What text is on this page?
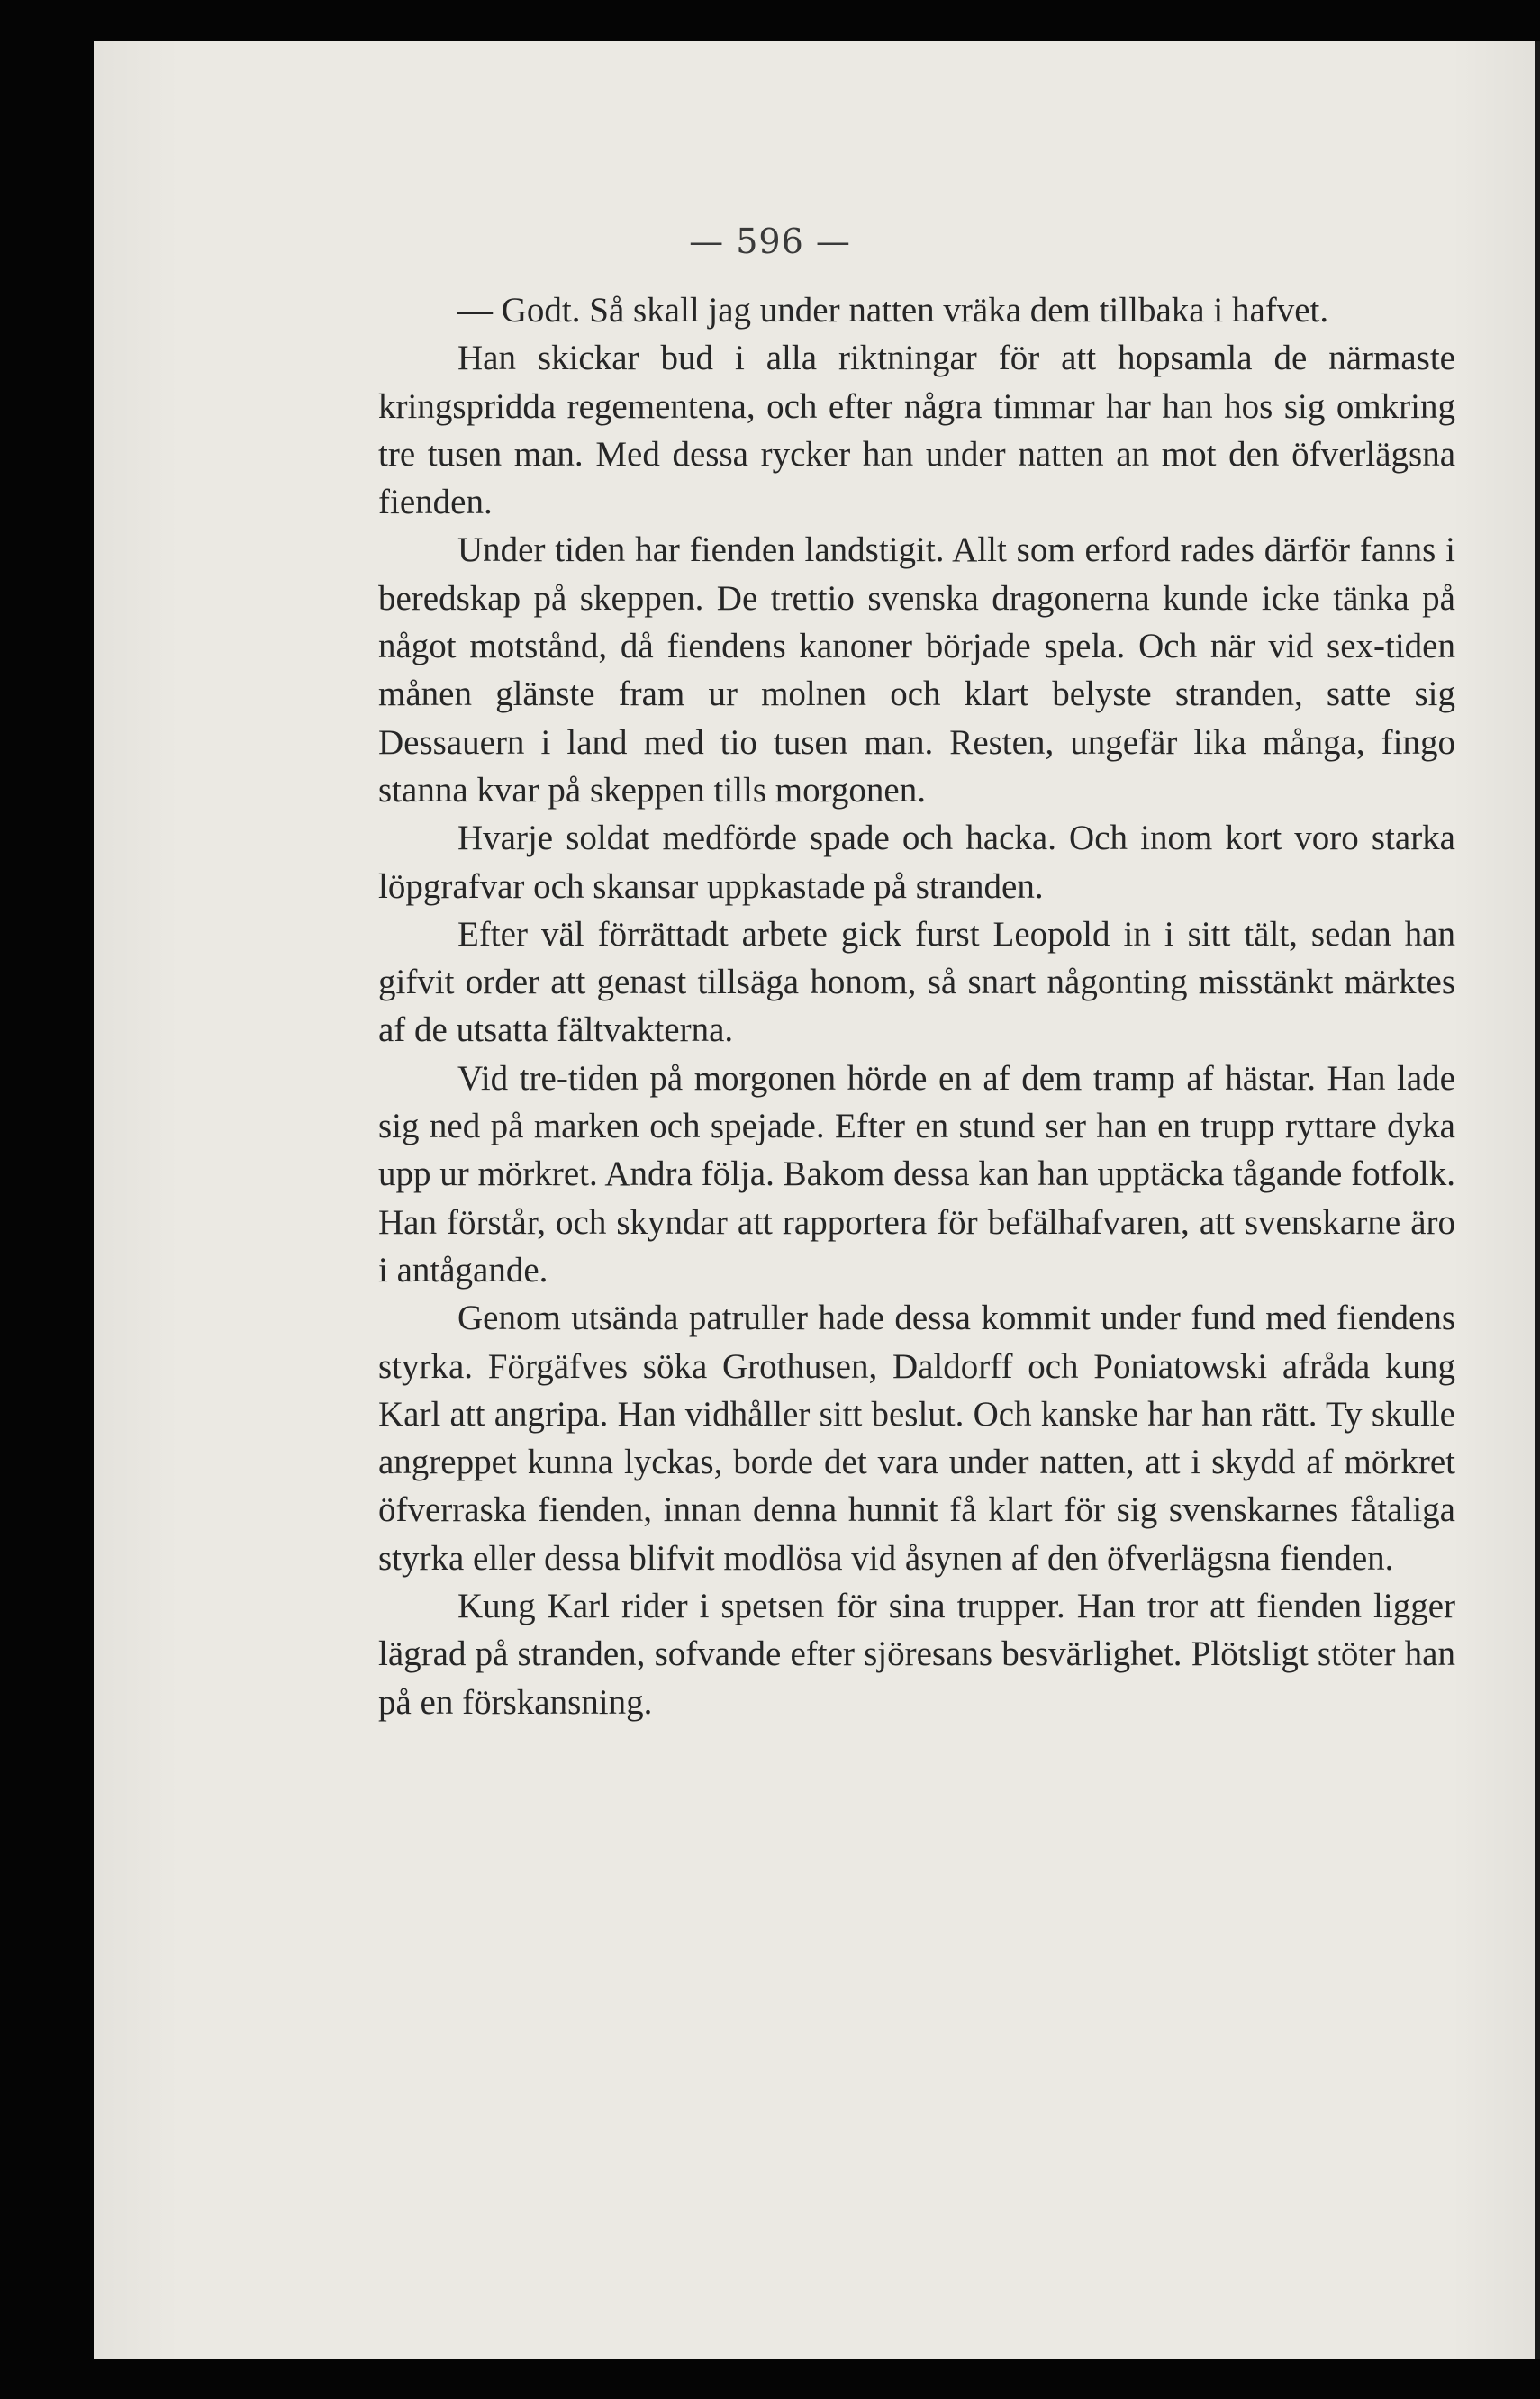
— 596 —

— Godt. Så skall jag under natten vräka dem tillbaka i hafvet.

Han skickar bud i alla riktningar för att hopsamla de närmaste kringspridda regementena, och efter några timmar har han hos sig omkring tre tusen man. Med dessa rycker han under natten an mot den öfverlägsna fienden.

Under tiden har fienden landstigit. Allt som erford rades därför fanns i beredskap på skeppen. De trettio svenska dragonerna kunde icke tänka på något motstånd, då fiendens kanoner började spela. Och när vid sex-tiden månen glänste fram ur molnen och klart belyste stranden, satte sig Dessauern i land med tio tusen man. Resten, ungefär lika många, fingo stanna kvar på skeppen tills morgonen.

Hvarje soldat medförde spade och hacka. Och inom kort voro starka löpgrafvar och skansar uppkastade på stranden.

Efter väl förrättadt arbete gick furst Leopold in i sitt tält, sedan han gifvit order att genast tillsäga honom, så snart någonting misstänkt märktes af de utsatta fältvakterna.

Vid tre-tiden på morgonen hörde en af dem tramp af hästar. Han lade sig ned på marken och spejade. Efter en stund ser han en trupp ryttare dyka upp ur mörkret. Andra följa. Bakom dessa kan han upptäcka tågande fotfolk. Han förstår, och skyndar att rapportera för befälhafvaren, att svenskarne äro i antågande.

Genom utsända patruller hade dessa kommit under fund med fiendens styrka. Förgäfves söka Grothusen, Daldorff och Poniatowski afråda kung Karl att angripa. Han vidhåller sitt beslut. Och kanske har han rätt. Ty skulle angreppet kunna lyckas, borde det vara under natten, att i skydd af mörkret öfverraska fienden, innan denna hunnit få klart för sig svenskarnes fåtaliga styrka eller dessa blifvit modlösa vid åsynen af den öfverlägsna fienden.

Kung Karl rider i spetsen för sina trupper. Han tror att fienden ligger lägrad på stranden, sofvande efter sjöresans besvärlighet. Plötsligt stöter han på en förskansning.
